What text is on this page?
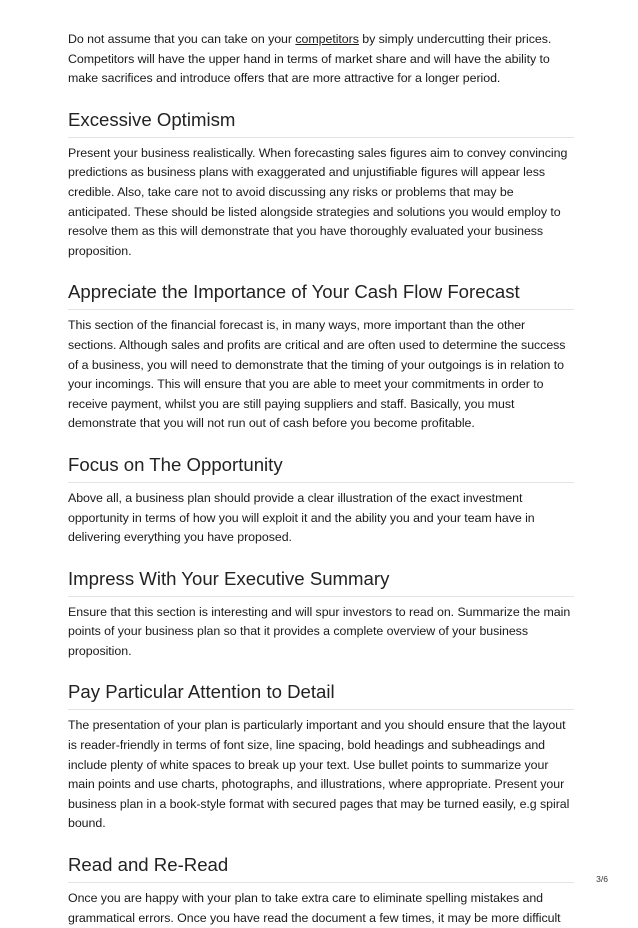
Do not assume that you can take on your competitors by simply undercutting their prices. Competitors will have the upper hand in terms of market share and will have the ability to make sacrifices and introduce offers that are more attractive for a longer period.

Excessive Optimism

Present your business realistically. When forecasting sales figures aim to convey convincing predictions as business plans with exaggerated and unjustifiable figures will appear less credible. Also, take care not to avoid discussing any risks or problems that may be anticipated. These should be listed alongside strategies and solutions you would employ to resolve them as this will demonstrate that you have thoroughly evaluated your business proposition.

Appreciate the Importance of Your Cash Flow Forecast

This section of the financial forecast is, in many ways, more important than the other sections. Although sales and profits are critical and are often used to determine the success of a business, you will need to demonstrate that the timing of your outgoings is in relation to your incomings. This will ensure that you are able to meet your commitments in order to receive payment, whilst you are still paying suppliers and staff. Basically, you must demonstrate that you will not run out of cash before you become profitable.

Focus on The Opportunity

Above all, a business plan should provide a clear illustration of the exact investment opportunity in terms of how you will exploit it and the ability you and your team have in delivering everything you have proposed.

Impress With Your Executive Summary

Ensure that this section is interesting and will spur investors to read on. Summarize the main points of your business plan so that it provides a complete overview of your business proposition.

Pay Particular Attention to Detail

The presentation of your plan is particularly important and you should ensure that the layout is reader-friendly in terms of font size, line spacing, bold headings and subheadings and include plenty of white spaces to break up your text. Use bullet points to summarize your main points and use charts, photographs, and illustrations, where appropriate. Present your business plan in a book-style format with secured pages that may be turned easily, e.g spiral bound.

Read and Re-Read

Once you are happy with your plan to take extra care to eliminate spelling mistakes and grammatical errors. Once you have read the document a few times, it may be more difficult

3/6
